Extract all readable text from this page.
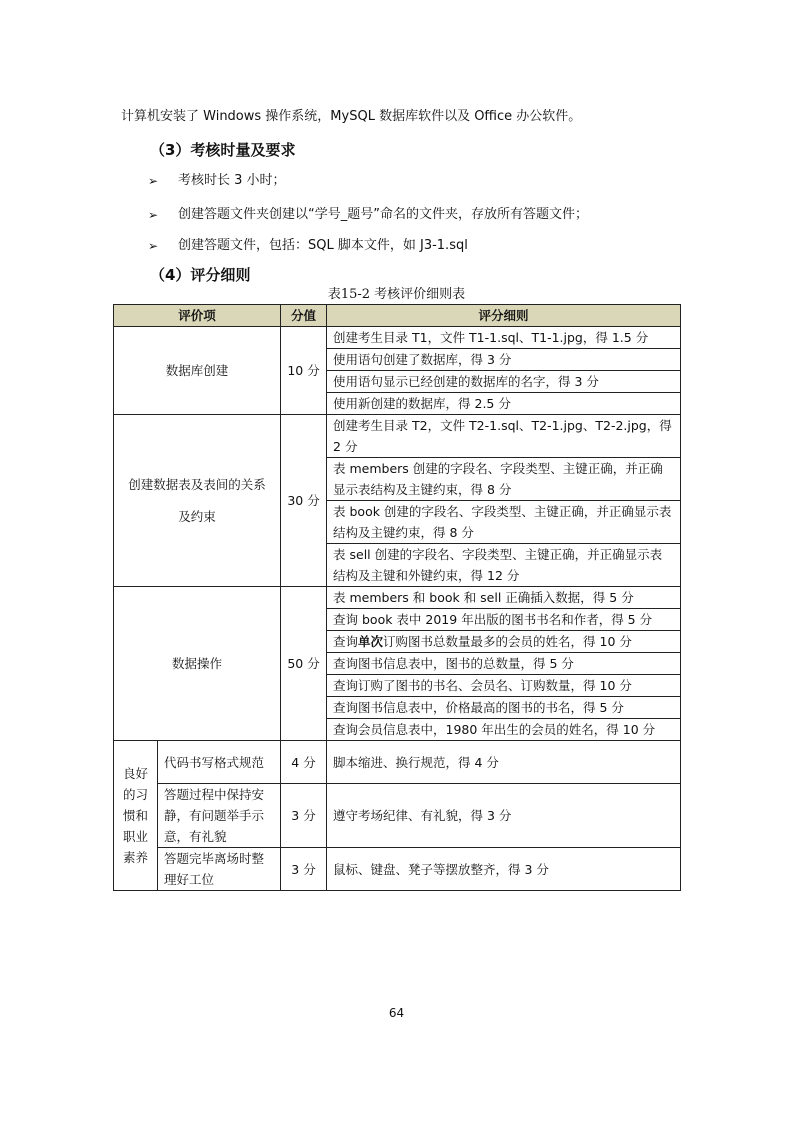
计算机安装了 Windows 操作系统，MySQL 数据库软件以及 Office 办公软件。
（3）考核时量及要求
➢	考核时长 3 小时；
➢	创建答题文件夹创建以“学号_题号”命名的文件夹，存放所有答题文件；
➢	创建答题文件，包括：SQL 脚本文件，如 J3-1.sql
（4）评分细则
表15-2 考核评价细则表
评价项		分值	评分细则
数据库创建		10 分	创建考生目录 T1，文件 T1-1.sql、T1-1.jpg，得 1.5 分
			使用语句创建了数据库，得 3 分
			使用语句显示已经创建的数据库的名字，得 3 分
			使用新创建的数据库，得 2.5 分
创建数据表及表间的关系及约束		30 分	创建考生目录 T2，文件 T2-1.sql、T2-1.jpg、T2-2.jpg，得 2 分
			表 members 创建的字段名、字段类型、主键正确，并正确显示表结构及主键约束，得 8 分
			表 book 创建的字段名、字段类型、主键正确，并正确显示表结构及主键约束，得 8 分
			表 sell 创建的字段名、字段类型、主键正确，并正确显示表结构及主键和外键约束，得 12 分
数据操作		50 分	表 members 和 book 和 sell 正确插入数据，得 5 分
			查询 book 表中 2019 年出版的图书书名和作者，得 5 分
			查询单次订购图书总数量最多的会员的姓名，得 10 分
			查询图书信息表中，图书的总数量，得 5 分
			查询订购了图书的书名、会员名、订购数量，得 10 分
			查询图书信息表中，价格最高的图书的书名，得 5 分
			查询会员信息表中，1980 年出生的会员的姓名，得 10 分
良好的习惯和职业素养	代码书写格式规范	4 分	脚本缩进、换行规范，得 4 分
	答题过程中保持安静，有问题举手示意，有礼貌	3 分	遵守考场纪律、有礼貌，得 3 分
	答题完毕离场时整理好工位	3 分	鼠标、键盘、凳子等摆放整齐，得 3 分
64
